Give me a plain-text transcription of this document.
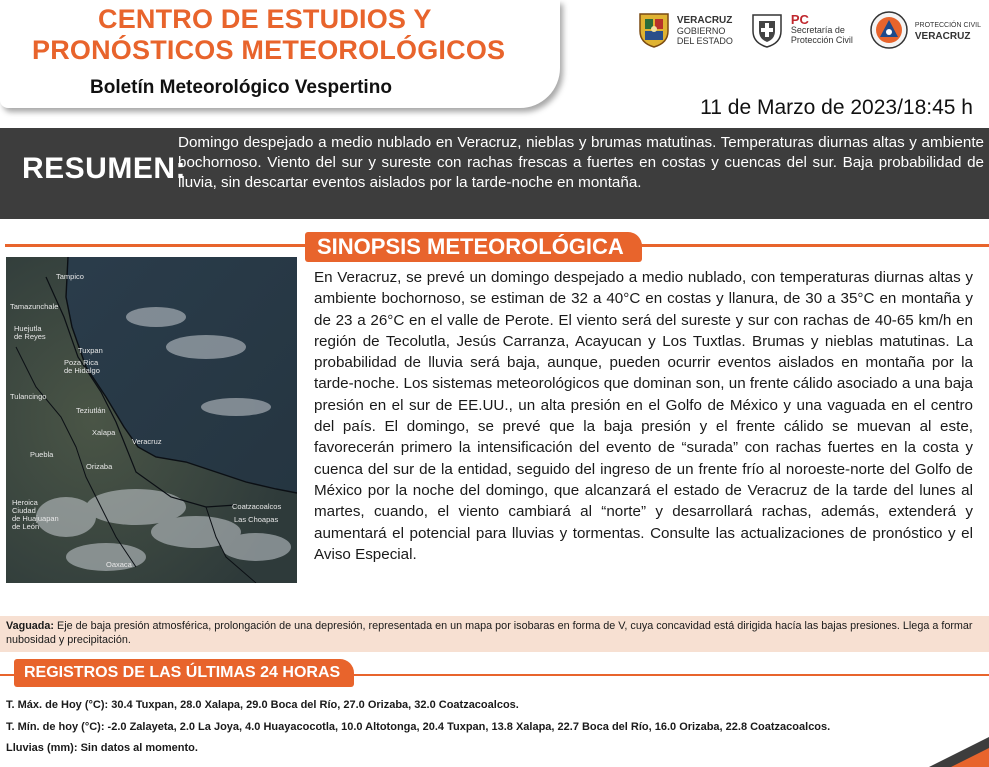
CENTRO DE ESTUDIOS Y
PRONÓSTICOS METEOROLÓGICOS
Boletín Meteorológico Vespertino
VERACRUZ
GOBIERNO
DEL ESTADO
PC
Secretaría de
Protección Civil
PROTECCIÓN CIVIL
VERACRUZ
11 de Marzo de 2023/18:45 h
RESUMEN:
Domingo despejado a medio nublado en Veracruz, nieblas y brumas matutinas. Temperaturas diurnas altas y ambiente bochornoso. Viento del sur y sureste con rachas frescas a fuertes en costas y cuencas del sur. Baja probabilidad de lluvia, sin descartar eventos aislados por la tarde-noche en montaña.
SINOPSIS METEOROLÓGICA
Tampico
Tamazunchale
Huejutla
de Reyes
Poza Rica
de Hidalgo
Tuxpan
Tulancingo
Teziutlán
Xalapa
Veracruz
Puebla
Orizaba
Coatzacoalcos
Las Choapas
Heroica
Ciudad
de Huajuapan
de León
Oaxaca
En Veracruz, se prevé un domingo despejado a medio nublado, con temperaturas diurnas altas y ambiente bochornoso, se estiman de 32 a 40°C en costas y llanura, de 30 a 35°C en montaña y de 23 a 26°C en el valle de Perote. El viento será del sureste y sur con rachas de 40-65 km/h en región de Tecolutla, Jesús Carranza, Acayucan y Los Tuxtlas. Brumas y nieblas matutinas. La probabilidad de lluvia será baja, aunque, pueden ocurrir eventos aislados en montaña por la tarde-noche. Los sistemas meteorológicos que dominan son, un frente cálido asociado a una baja presión en el sur de EE.UU., un alta presión en el Golfo de México y una vaguada en el centro del país. El domingo, se prevé que la baja presión y el frente cálido se muevan al este, favorecerán primero la intensificación del evento de “surada” con rachas fuertes en la costa y cuenca del sur de la entidad, seguido del ingreso de un frente frío al noroeste-norte del Golfo de México por la noche del domingo, que alcanzará el estado de Veracruz de la tarde del lunes al martes, cuando, el viento cambiará al “norte” y desarrollará rachas, además, extenderá y aumentará el potencial para lluvias y tormentas. Consulte las actualizaciones de pronóstico y el Aviso Especial.
Vaguada: Eje de baja presión atmosférica, prolongación de una depresión, representada en un mapa por isobaras en forma de V, cuya concavidad está dirigida hacía las bajas presiones. Llega a formar nubosidad y precipitación.
REGISTROS DE LAS ÚLTIMAS 24 HORAS
T. Máx. de Hoy (°C): 30.4 Tuxpan, 28.0 Xalapa, 29.0 Boca del Río, 27.0 Orizaba, 32.0 Coatzacoalcos.
T. Mín. de hoy (°C): -2.0 Zalayeta, 2.0 La Joya, 4.0 Huayacocotla, 10.0 Altotonga, 20.4 Tuxpan, 13.8 Xalapa, 22.7 Boca del Río, 16.0 Orizaba, 22.8 Coatzacoalcos.
Lluvias (mm): Sin datos al momento.
